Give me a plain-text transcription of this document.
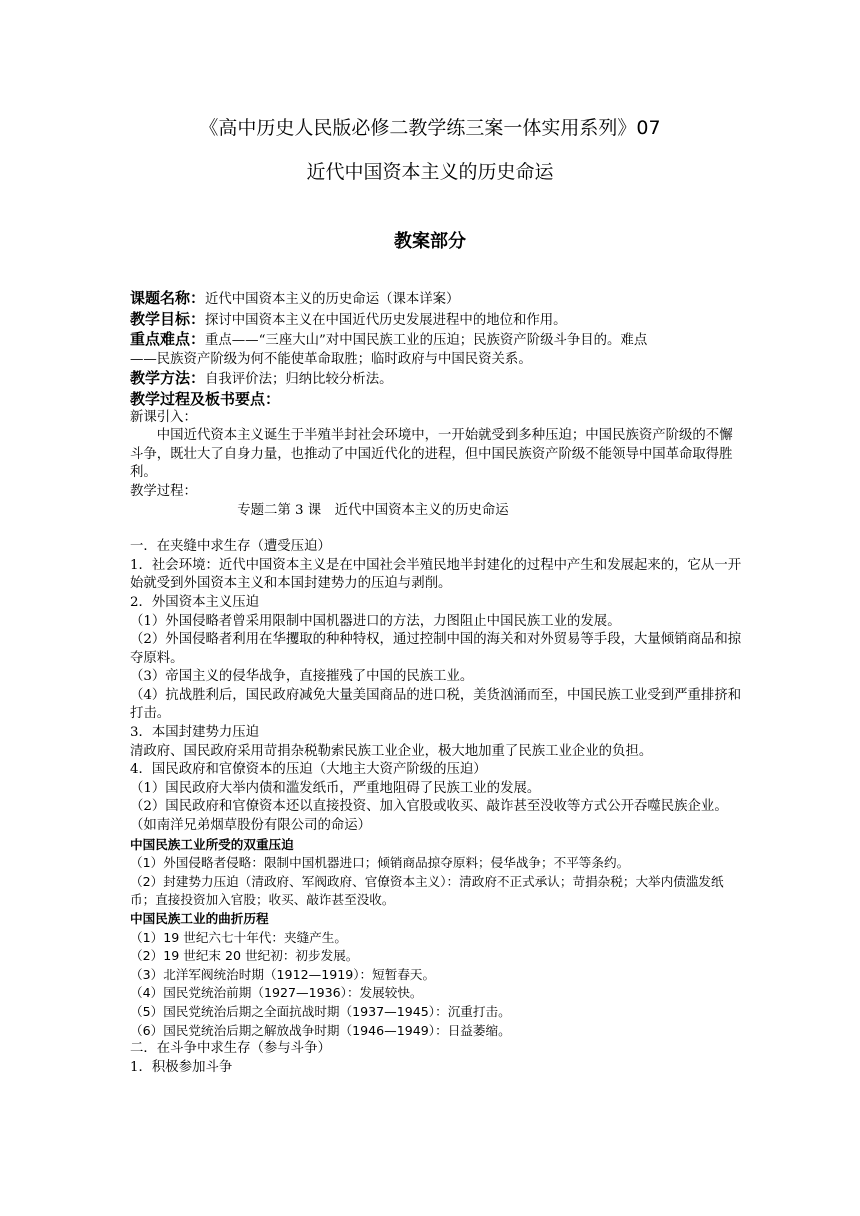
《高中历史人民版必修二教学练三案一体实用系列》07
近代中国资本主义的历史命运
教案部分

课题名称：近代中国资本主义的历史命运（课本详案）

教学目标：探讨中国资本主义在中国近代历史发展进程中的地位和作用。

重点难点：重点——“三座大山”对中国民族工业的压迫；民族资产阶级斗争目的。难点

——民族资产阶级为何不能使革命取胜；临时政府与中国民资关系。

教学方法：自我评价法；归纳比较分析法。

教学过程及板书要点：

新课引入：

中国近代资本主义诞生于半殖半封社会环境中，一开始就受到多种压迫；中国民族资产阶级的不懈斗争，既壮大了自身力量，也推动了中国近代化的进程，但中国民族资产阶级不能领导中国革命取得胜利。

教学过程：

专题二第 3 课　近代中国资本主义的历史命运

一．在夹缝中求生存（遭受压迫）

1．社会环境：近代中国资本主义是在中国社会半殖民地半封建化的过程中产生和发展起来的，它从一开始就受到外国资本主义和本国封建势力的压迫与剥削。

2．外国资本主义压迫

（1）外国侵略者曾采用限制中国机器进口的方法，力图阻止中国民族工业的发展。

（2）外国侵略者利用在华攫取的种种特权，通过控制中国的海关和对外贸易等手段，大量倾销商品和掠夺原料。

（3）帝国主义的侵华战争，直接摧残了中国的民族工业。

（4）抗战胜利后，国民政府减免大量美国商品的进口税，美货汹涌而至，中国民族工业受到严重排挤和打击。

3．本国封建势力压迫

清政府、国民政府采用苛捐杂税勒索民族工业企业，极大地加重了民族工业企业的负担。

4．国民政府和官僚资本的压迫（大地主大资产阶级的压迫）

（1）国民政府大举内债和滥发纸币，严重地阻碍了民族工业的发展。

（2）国民政府和官僚资本还以直接投资、加入官股或收买、敲诈甚至没收等方式公开吞噬民族企业。（如南洋兄弟烟草股份有限公司的命运）

中国民族工业所受的双重压迫

（1）外国侵略者侵略：限制中国机器进口；倾销商品掠夺原料；侵华战争；不平等条约。

（2）封建势力压迫（清政府、军阀政府、官僚资本主义）：清政府不正式承认；苛捐杂税；大举内债滥发纸币；直接投资加入官股；收买、敲诈甚至没收。

中国民族工业的曲折历程

（1）19 世纪六七十年代：夹缝产生。

（2）19 世纪末 20 世纪初：初步发展。

（3）北洋军阀统治时期（1912—1919）：短暂春天。

（4）国民党统治前期（1927—1936）：发展较快。

（5）国民党统治后期之全面抗战时期（1937—1945）：沉重打击。

（6）国民党统治后期之解放战争时期（1946—1949）：日益萎缩。

二．在斗争中求生存（参与斗争）

1．积极参加斗争
